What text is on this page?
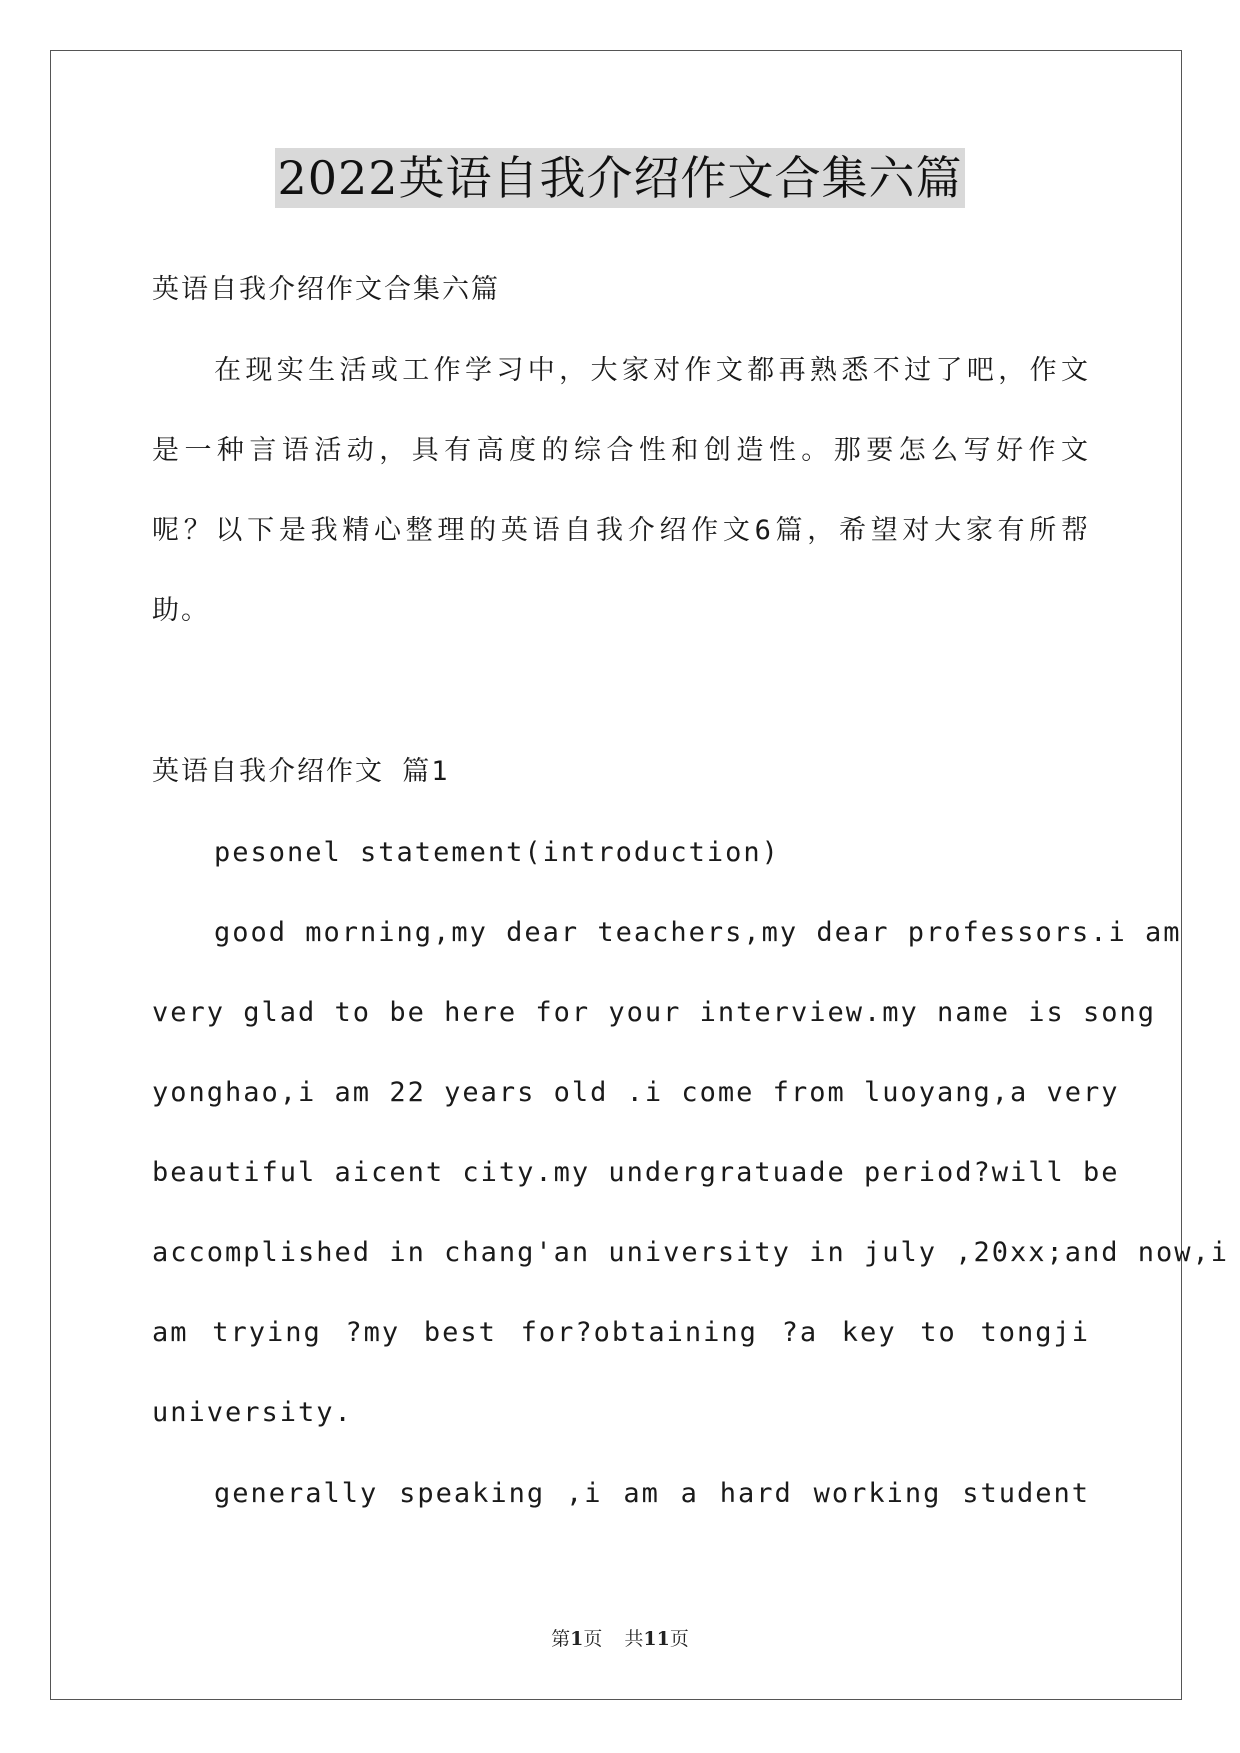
2022英语自我介绍作文合集六篇
英语自我介绍作文合集六篇
在现实生活或工作学习中，大家对作文都再熟悉不过了吧，作文
是一种言语活动，具有高度的综合性和创造性。那要怎么写好作文
呢？以下是我精心整理的英语自我介绍作文6篇，希望对大家有所帮
助。
英语自我介绍作文 篇1
pesonel statement(introduction)
good morning,my dear teachers,my dear professors.i am
very glad to be here for your interview.my name is song
yonghao,i am 22 years old .i come from luoyang,a very
beautiful aicent city.my undergratuade period?will be
accomplished in chang'an university in july ,20xx;and now,i
am trying ?my best for?obtaining ?a key to tongji
university.
generally speaking ,i am a hard working student
第1页 共11页
